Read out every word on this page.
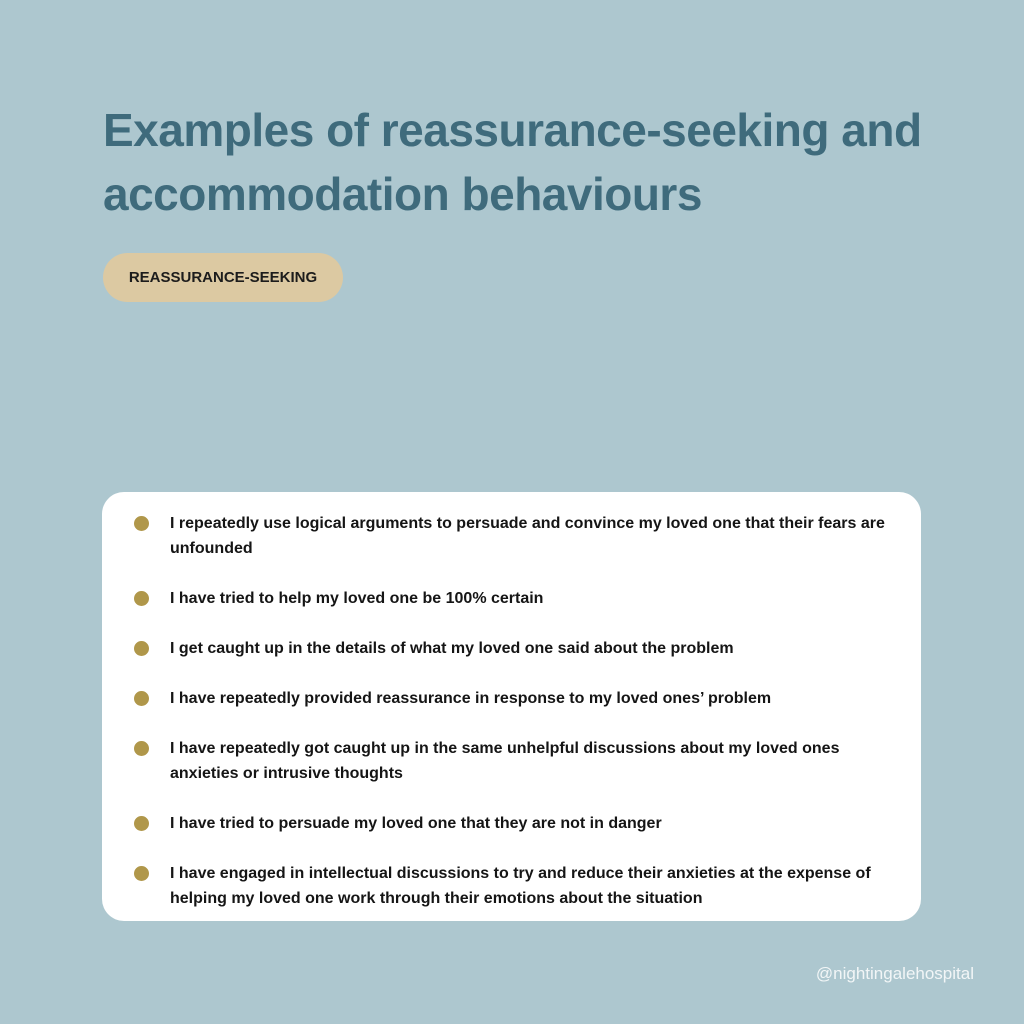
Examples of reassurance-seeking and
accommodation behaviours
REASSURANCE-SEEKING
I repeatedly use logical arguments to persuade and convince my loved one that their fears are unfounded
I have tried to help my loved one be 100% certain
I get caught up in the details of what my loved one said about the problem
I have repeatedly provided reassurance in response to my loved ones’ problem
I have repeatedly got caught up in the same unhelpful discussions about my loved ones anxieties or intrusive thoughts
I have tried to persuade my loved one that they are not in danger
I have engaged in intellectual discussions to try and reduce their anxieties at the expense of helping my loved one work through their emotions about the situation
@nightingalehospital
